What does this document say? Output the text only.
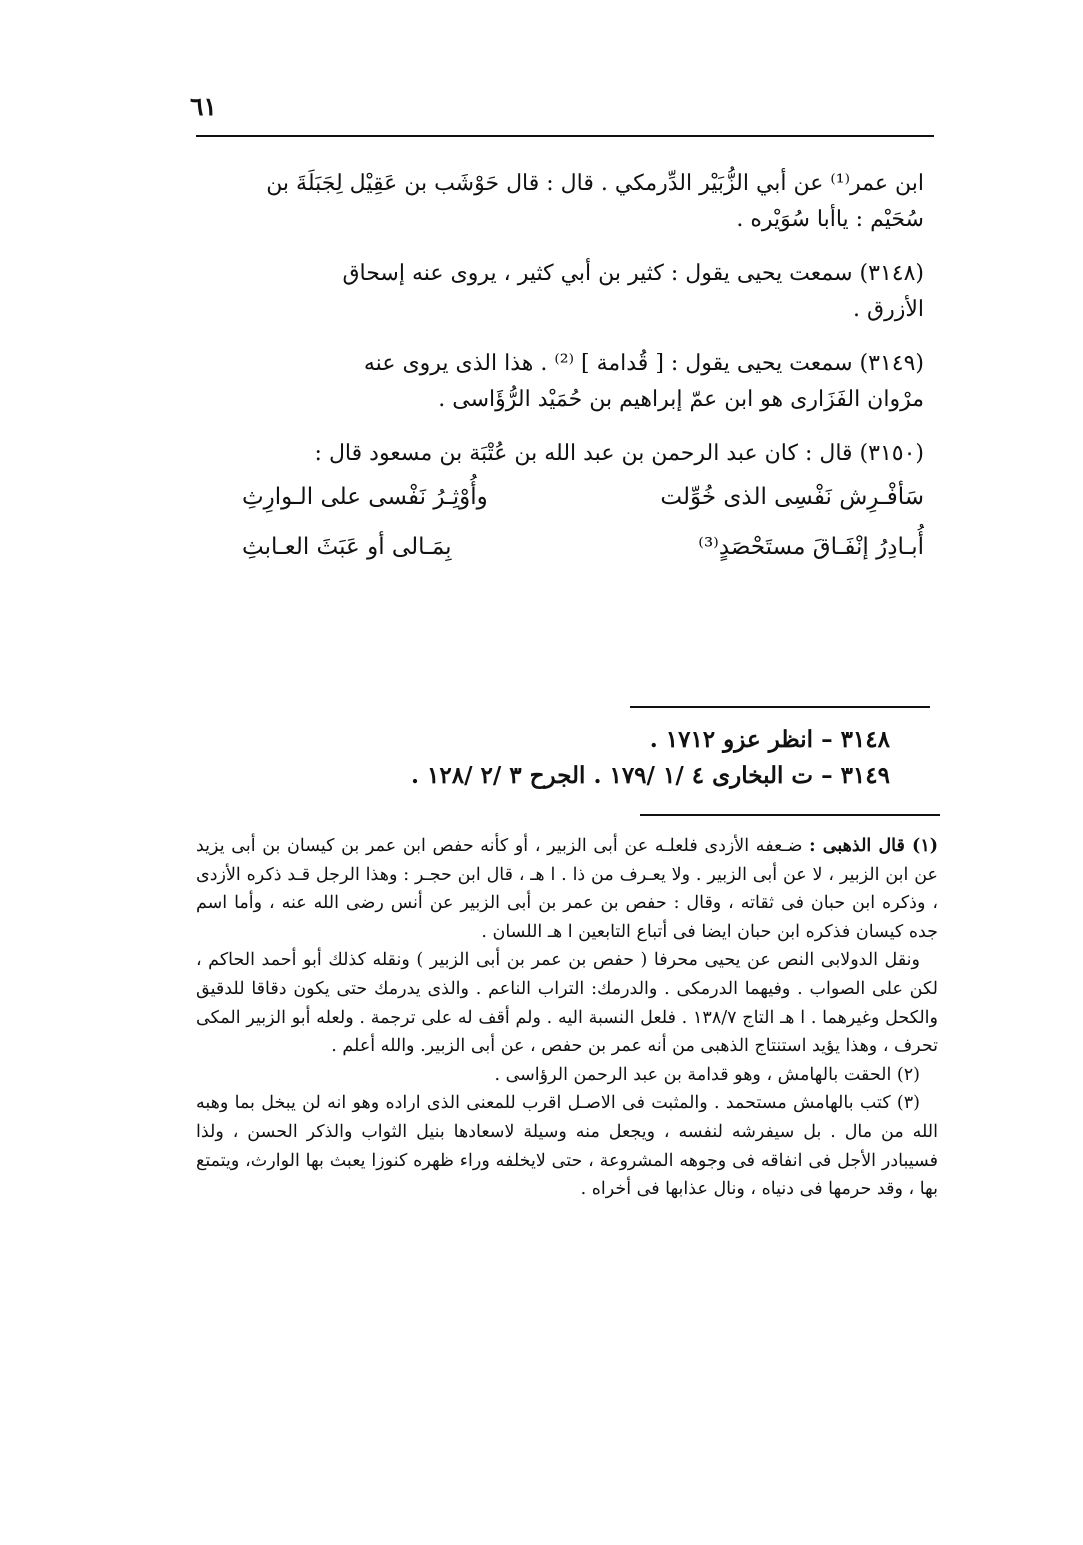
٦١
ابن عمر⁽¹⁾ عن أبي الزُّبَيْر الدِّرمكي . قال : قال حَوْشَب بن عَقِيْل لِجَبَلَةَ بن
سُحَيْم : ياأبا سُوَيْره .
(٣١٤٨) سمعت يحيى يقول : كثير بن أبي كثير ، يروى عنه إسحاق
الأزرق .
(٣١٤٩) سمعت يحيى يقول : [ قُدامة ] ⁽²⁾ . هذا الذى يروى عنه
مرْوان الفَزَارى هو ابن عمّ إبراهيم بن حُمَيْد الرُّؤَاسى .
(٣١٥٠) قال : كان عبد الرحمن بن عبد الله بن عُتْبَة بن مسعود قال :
سَأفْـرِش نَفْسِى الذى خُوِّلت
وأُوْثِـرُ نَفْسى على الـوارِثِ
أُبـادِرُ إنْفَـاقَ مستَحْصَدٍ⁽³⁾
بِمَـالى أو عَبَثَ العـابثِ
٣١٤٨ – انظر عزو ١٧١٢ .
٣١٤٩ – ت البخارى ٤ /١ /١٧٩ . الجرح ٣ /٢ /١٢٨ .

(١) قال الذهبى : ضـعفه الأزدى فلعلـه عن أبى الزبير ، أو كأنه حفص ابن عمر بن كيسان بن أبى يزيد عن ابن الزبير ، لا عن أبى الزبير . ولا يعـرف من ذا . ا هـ ، قال ابن حجـر : وهذا الرجل قـد ذكره الأزدى ، وذكره ابن حبان فى ثقاته ، وقال : حفص بن عمر بن أبى الزبير عن أنس رضى الله عنه ، وأما اسم جده كيسان فذكره ابن حبان ايضا فى أتباع التابعين ا هـ اللسان .

ونقل الدولابى النص عن يحيى محرفا ( حفص بن عمر بن أبى الزبير ) ونقله كذلك أبو أحمد الحاكم ، لكن على الصواب . وفيهما الدرمكى . والدرمك: التراب الناعم . والذى يدرمك حتى يكون دقاقا للدقيق والكحل وغيرهما . ا هـ التاج ١٣٨/٧ . فلعل النسبة اليه . ولم أقف له على ترجمة . ولعله أبو الزبير المكى تحرف ، وهذا يؤيد استنتاج الذهبى من أنه عمر بن حفص ، عن أبى الزبير. والله أعلم .

(٢) الحقت بالهامش ، وهو قدامة بن عبد الرحمن الرؤاسى .

(٣) كتب بالهامش مستحمد . والمثبت فى الاصـل اقرب للمعنى الذى اراده وهو انه لن يبخل بما وهبه الله من مال . بل سيفرشه لنفسه ، ويجعل منه وسيلة لاسعادها بنيل الثواب والذكر الحسن ، ولذا فسيبادر الأجل فى انفاقه فى وجوهه المشروعة ، حتى لايخلفه وراء ظهره كنوزا يعبث بها الوارث، ويتمتع بها ، وقد حرمها فى دنياه ، ونال عذابها فى أخراه .
